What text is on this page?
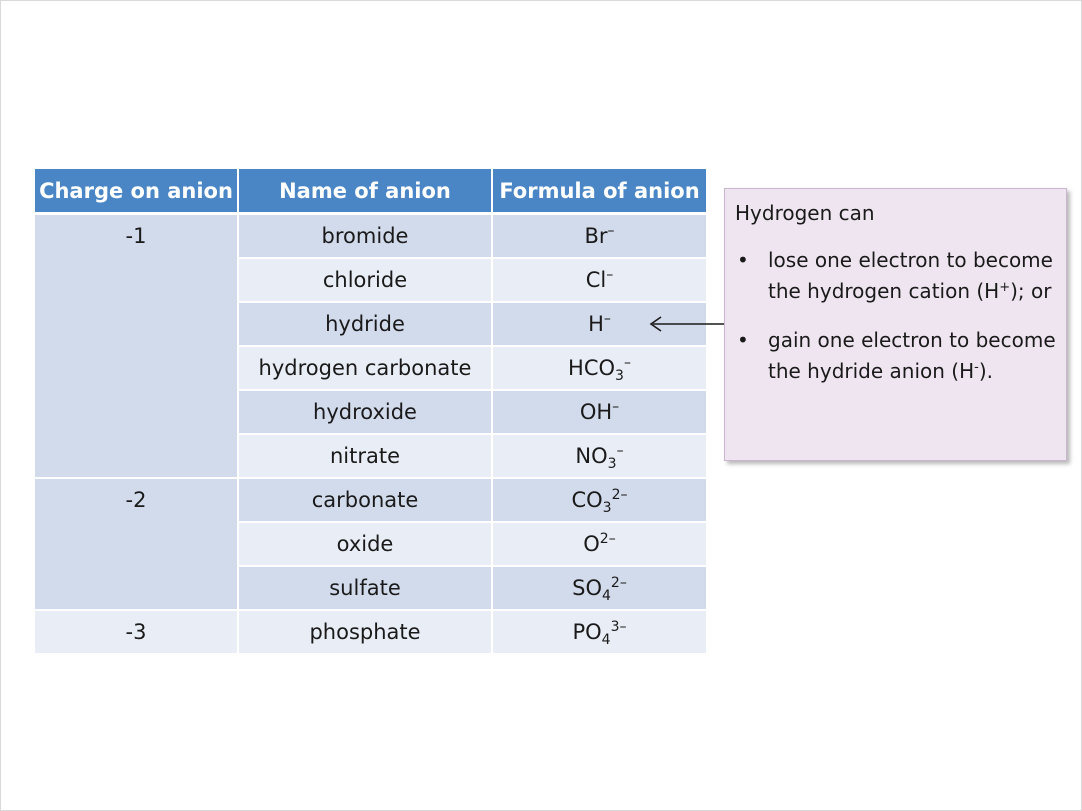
Charge on anion	Name of anion	Formula of anion
-1	bromide	Br–
	chloride	Cl–
	hydride	H–
	hydrogen carbonate	$HCO_3^-$
	hydroxide	OH–
	nitrate	$NO_3^-$
-2	carbonate	$CO_3^{2-}$
	oxide	$O^{2-}$
	sulfate	$SO_4^{2-}$
-3	phosphate	$PO_4^{3-}$
Hydrogen can
• lose one electron to become the hydrogen cation (H+); or
• gain one electron to become the hydride anion (H-).
